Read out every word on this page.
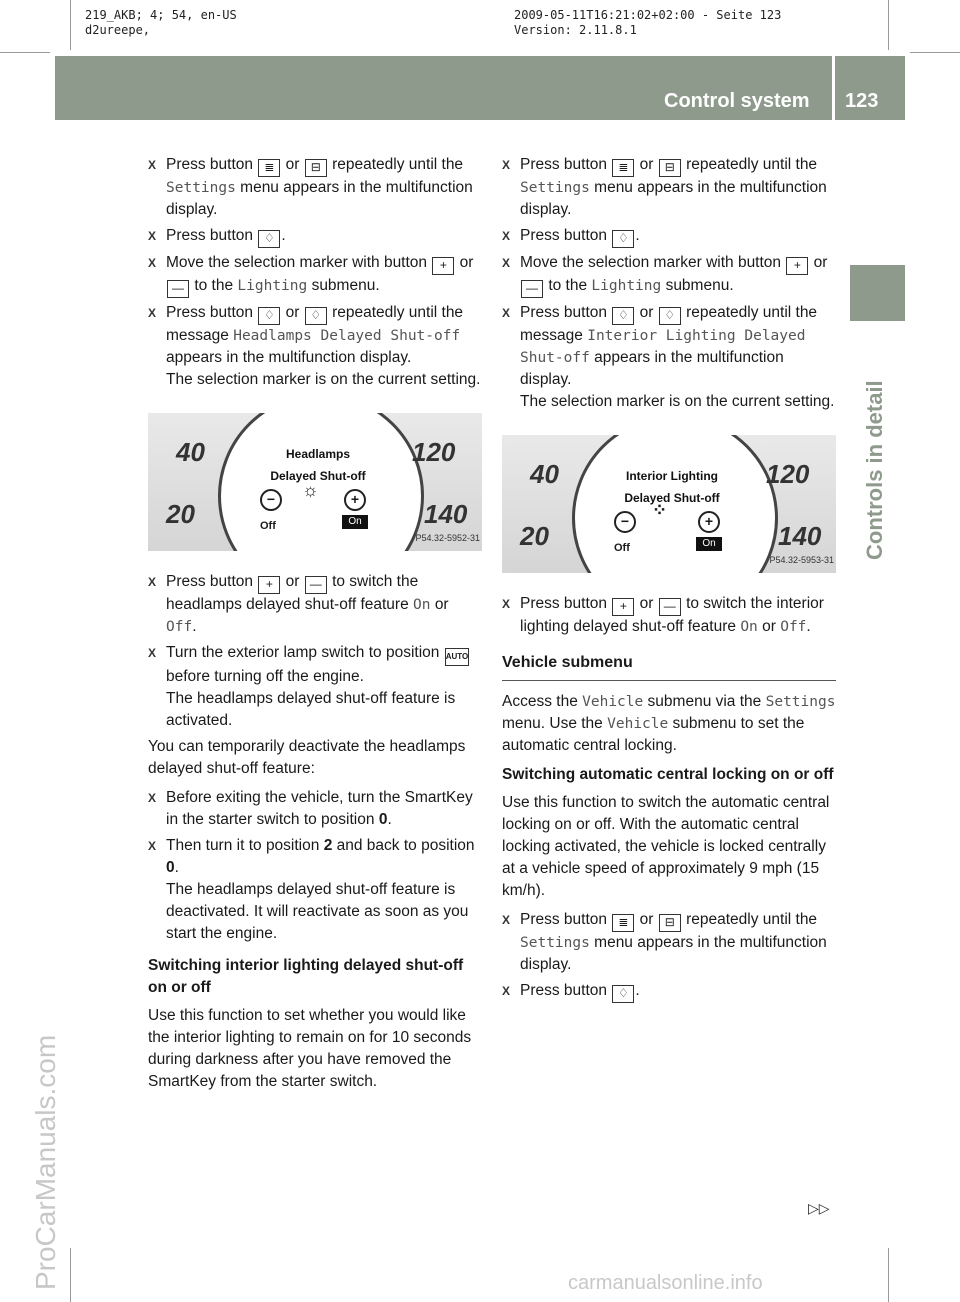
219_AKB; 4; 54, en-US
d2ureepe,
2009-05-11T16:21:02+02:00 - Seite 123
Version: 2.11.8.1
Control system 123
Controls in detail
ProCarManuals.com	carmanualsonline.info
X Press button ≣ or ⊟ repeatedly until the Settings menu appears in the multifunction display.
X Press button ♢ .
X Move the selection marker with button + or — to the Lighting submenu.
X Press button ♢ or ♢ repeatedly until the message Headlamps Delayed Shut-off appears in the multifunction display.
The selection marker is on the current setting.
40
20
120
140
Headlamps
Delayed Shut-off
−	☼	+
Off	On
P54.32-5952-31
X Press button + or — to switch the headlamps delayed shut-off feature On or Off.
X Turn the exterior lamp switch to position AUTO before turning off the engine.
The headlamps delayed shut-off feature is activated.

You can temporarily deactivate the headlamps delayed shut-off feature:

X Before exiting the vehicle, turn the SmartKey in the starter switch to position 0.
X Then turn it to position 2 and back to position 0.
The headlamps delayed shut-off feature is deactivated. It will reactivate as soon as you start the engine.
Switching interior lighting delayed shut-off on or off

Use this function to set whether you would like the interior lighting to remain on for 10 seconds during darkness after you have removed the SmartKey from the starter switch.

X Press button ≣ or ⊟ repeatedly until the Settings menu appears in the multifunction display.
X Press button ♢ .
X Move the selection marker with button + or — to the Lighting submenu.
X Press button ♢ or ♢ repeatedly until the message Interior Lighting Delayed Shut-off appears in the multifunction display.
The selection marker is on the current setting.
40
20
120
140
Interior Lighting
Delayed Shut-off
−
⁘
+
Off	On
P54.32-5953-31
X Press button + or — to switch the interior lighting delayed shut-off feature On or Off.
Vehicle submenu

Access the Vehicle submenu via the Settings menu. Use the Vehicle submenu to set the automatic central locking.

Switching automatic central locking on or off

Use this function to switch the automatic central locking on or off. With the automatic central locking activated, the vehicle is locked centrally at a vehicle speed of approximately 9 mph (15 km/h).

X Press button ≣ or ⊟ repeatedly until the Settings menu appears in the multifunction display.
X Press button ♢ .
▷▷
